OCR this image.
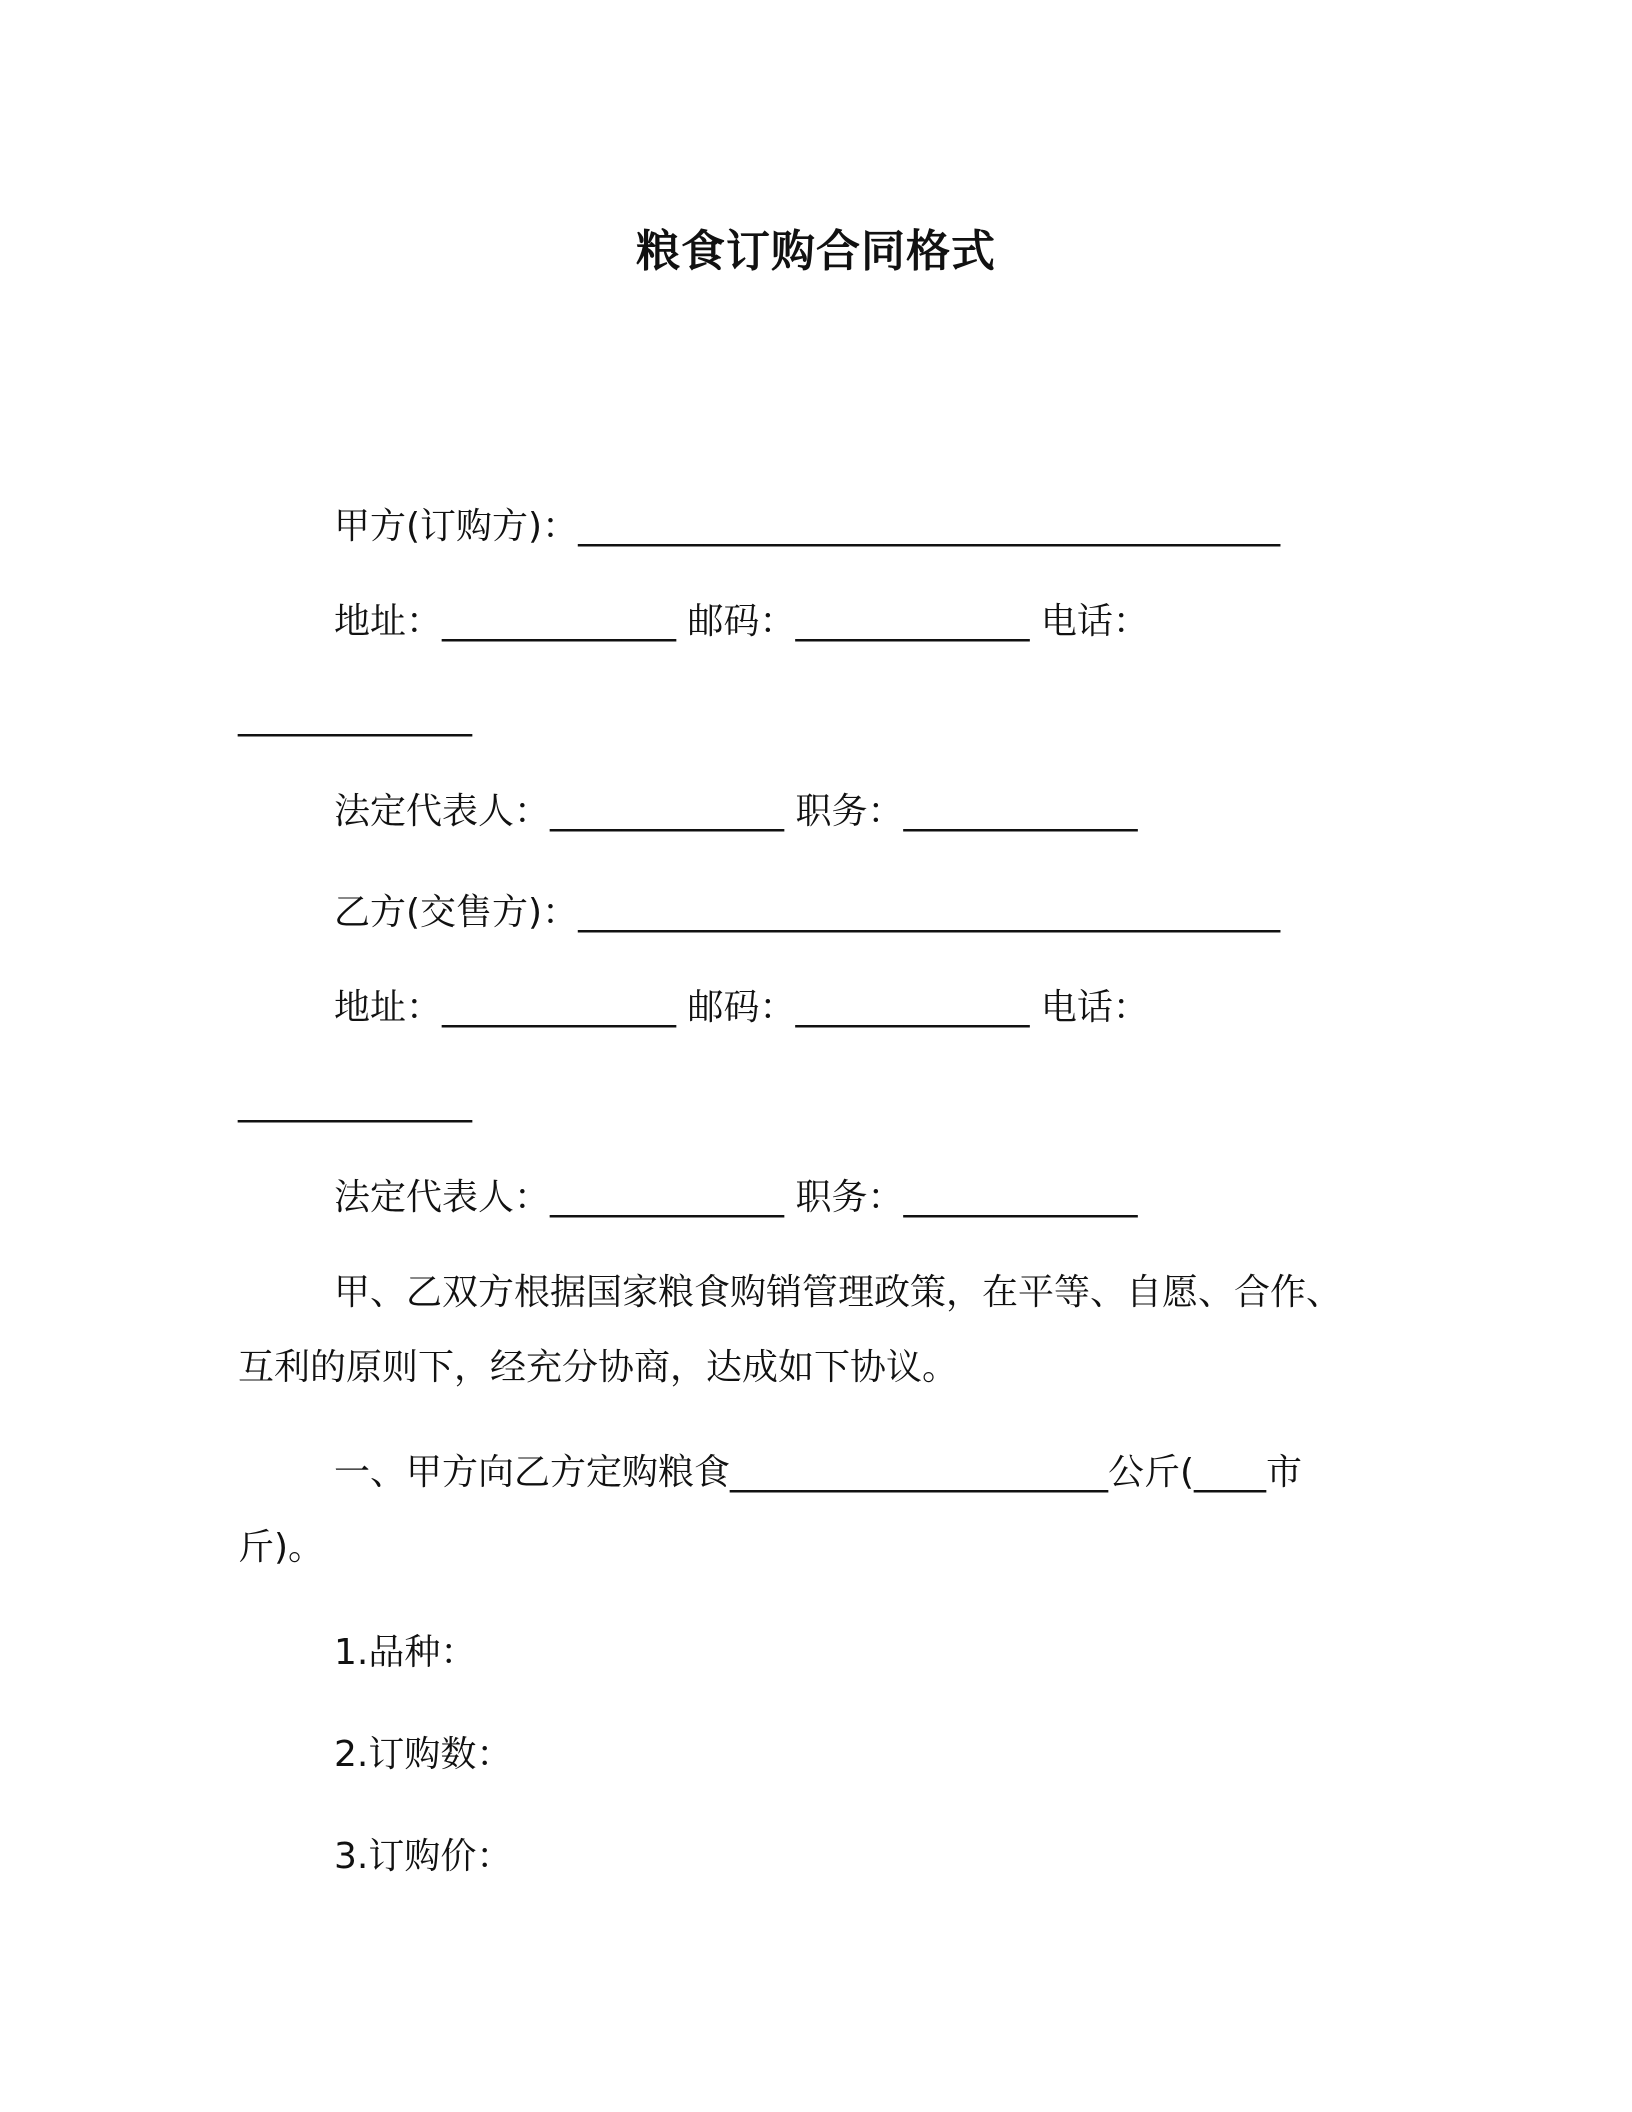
粮食订购合同格式
甲方(订购方)：_______________________________________
地址：_____________ 邮码：_____________ 电话：
_____________
法定代表人：_____________ 职务：_____________
乙方(交售方)：_______________________________________
地址：_____________ 邮码：_____________ 电话：
_____________
法定代表人：_____________ 职务：_____________
甲、乙双方根据国家粮食购销管理政策，在平等、自愿、合作、
互利的原则下，经充分协商，达成如下协议。
一、甲方向乙方定购粮食_____________________公斤(____市
斤)。
1.品种：
2.订购数：
3.订购价：
